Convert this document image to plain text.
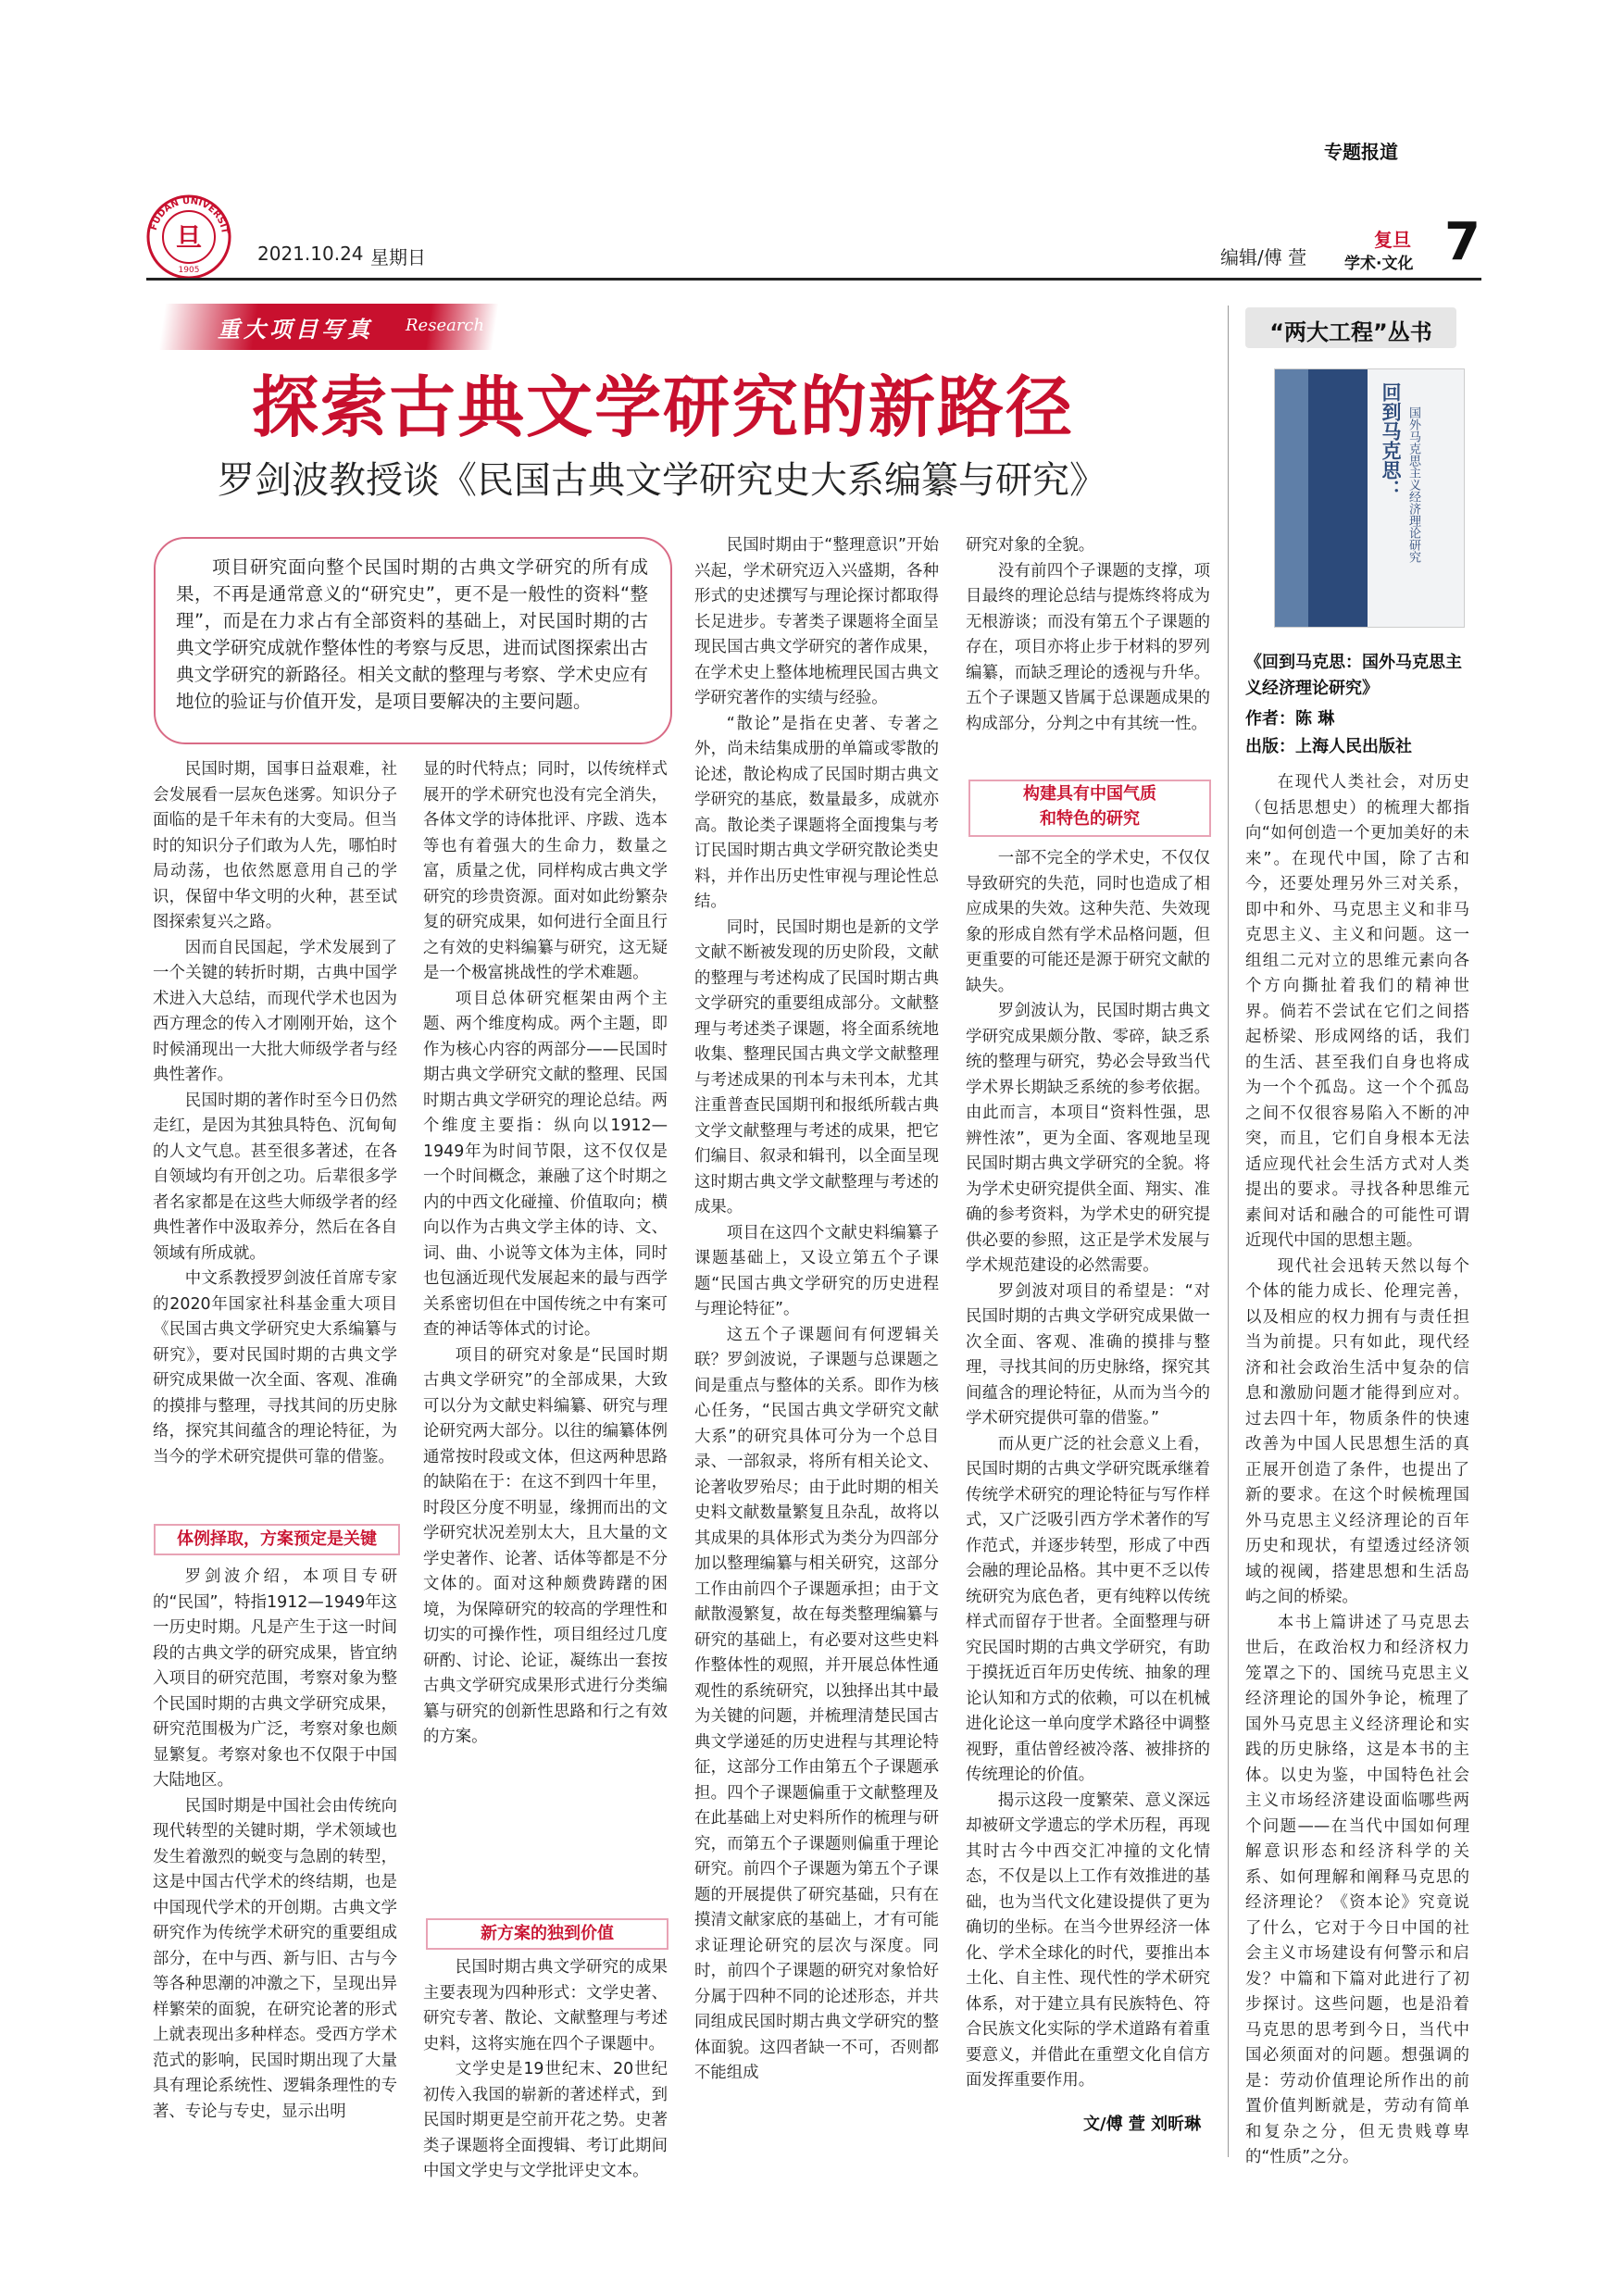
专题报道
FUDAN UNIVERSIT
旦
1905
2021.10.24 星期日	编辑/傅 萱
复旦
学术·文化 7
重大项目写真 Research
探索古典文学研究的新路径
罗剑波教授谈《民国古典文学研究史大系编纂与研究》
项目研究面向整个民国时期的古典文学研究的所有成果，不再是通常意义的“研究史”，更不是一般性的资料“整理”，而是在力求占有全部资料的基础上，对民国时期的古典文学研究成就作整体性的考察与反思，进而试图探索出古典文学研究的新路径。相关文献的整理与考察、学术史应有地位的验证与价值开发，是项目要解决的主要问题。

民国时期，国事日益艰难，社会发展看一层灰色迷雾。知识分子面临的是千年未有的大变局。但当时的知识分子们敢为人先，哪怕时局动荡，也依然愿意用自己的学识，保留中华文明的火种，甚至试图探索复兴之路。

因而自民国起，学术发展到了一个关键的转折时期，古典中国学术进入大总结，而现代学术也因为西方理念的传入才刚刚开始，这个时候涌现出一大批大师级学者与经典性著作。

民国时期的著作时至今日仍然走红，是因为其独具特色、沉甸甸的人文气息。甚至很多著述，在各自领域均有开创之功。后辈很多学者名家都是在这些大师级学者的经典性著作中汲取养分，然后在各自领域有所成就。

中文系教授罗剑波任首席专家的2020年国家社科基金重大项目《民国古典文学研究史大系编纂与研究》，要对民国时期的古典文学研究成果做一次全面、客观、准确的摸排与整理，寻找其间的历史脉络，探究其间蕴含的理论特征，为当今的学术研究提供可靠的借鉴。

体例择取，方案预定是关键

罗剑波介绍，本项目专研的“民国”，特指1912—1949年这一历史时期。凡是产生于这一时间段的古典文学的研究成果，皆宜纳入项目的研究范围，考察对象为整个民国时期的古典文学研究成果，研究范围极为广泛，考察对象也颇显繁复。考察对象也不仅限于中国大陆地区。

民国时期是中国社会由传统向现代转型的关键时期，学术领域也发生着激烈的蜕变与急剧的转型，这是中国古代学术的终结期，也是中国现代学术的开创期。古典文学研究作为传统学术研究的重要组成部分，在中与西、新与旧、古与今等各种思潮的冲激之下，呈现出异样繁荣的面貌，在研究论著的形式上就表现出多种样态。受西方学术范式的影响，民国时期出现了大量具有理论系统性、逻辑条理性的专著、专论与专史，显示出明

显的时代特点；同时，以传统样式展开的学术研究也没有完全消失，各体文学的诗体批评、序跋、选本等也有着强大的生命力，数量之富，质量之优，同样构成古典文学研究的珍贵资源。面对如此纷繁杂复的研究成果，如何进行全面且行之有效的史料编纂与研究，这无疑是一个极富挑战性的学术难题。

项目总体研究框架由两个主题、两个维度构成。两个主题，即作为核心内容的两部分——民国时期古典文学研究文献的整理、民国时期古典文学研究的理论总结。两个维度主要指：纵向以1912—1949年为时间节限，这不仅仅是一个时间概念，兼融了这个时期之内的中西文化碰撞、价值取向；横向以作为古典文学主体的诗、文、词、曲、小说等文体为主体，同时也包涵近现代发展起来的最与西学关系密切但在中国传统之中有案可查的神话等体式的讨论。

项目的研究对象是“民国时期古典文学研究”的全部成果，大致可以分为文献史料编纂、研究与理论研究两大部分。以往的编纂体例通常按时段或文体，但这两种思路的缺陷在于：在这不到四十年里，时段区分度不明显，缘拥而出的文学研究状况差别太大，且大量的文学史著作、论著、话体等都是不分文体的。面对这种颇费踌躇的困境，为保障研究的较高的学理性和切实的可操作性，项目组经过几度研酌、讨论、论证，凝练出一套按古典文学研究成果形式进行分类编纂与研究的创新性思路和行之有效的方案。

新方案的独到价值

民国时期古典文学研究的成果主要表现为四种形式：文学史著、研究专著、散论、文献整理与考述史料，这将实施在四个子课题中。

文学史是19世纪末、20世纪初传入我国的崭新的著述样式，到民国时期更是空前开花之势。史著类子课题将全面搜辑、考订此期间中国文学史与文学批评史文本。

民国时期由于“整理意识”开始兴起，学术研究迈入兴盛期，各种形式的史述撰写与理论探讨都取得长足进步。专著类子课题将全面呈现民国古典文学研究的著作成果，在学术史上整体地梳理民国古典文学研究著作的实绩与经验。

“散论”是指在史著、专著之外，尚未结集成册的单篇或零散的论述，散论构成了民国时期古典文学研究的基底，数量最多，成就亦高。散论类子课题将全面搜集与考订民国时期古典文学研究散论类史料，并作出历史性审视与理论性总结。

同时，民国时期也是新的文学文献不断被发现的历史阶段，文献的整理与考述构成了民国时期古典文学研究的重要组成部分。文献整理与考述类子课题，将全面系统地收集、整理民国古典文学文献整理与考述成果的刊本与未刊本，尤其注重普查民国期刊和报纸所载古典文学文献整理与考述的成果，把它们编目、叙录和辑刊，以全面呈现这时期古典文学文献整理与考述的成果。

项目在这四个文献史料编纂子课题基础上，又设立第五个子课题“民国古典文学研究的历史进程与理论特征”。

这五个子课题间有何逻辑关联？罗剑波说，子课题与总课题之间是重点与整体的关系。即作为核心任务，“民国古典文学研究文献大系”的研究具体可分为一个总目录、一部叙录，将所有相关论文、论著收罗殆尽；由于此时期的相关史料文献数量繁复且杂乱，故将以其成果的具体形式为类分为四部分加以整理编纂与相关研究，这部分工作由前四个子课题承担；由于文献散漫繁复，故在每类整理编纂与研究的基础上，有必要对这些史料作整体性的观照，并开展总体性通观性的系统研究，以独择出其中最为关键的问题，并梳理清楚民国古典文学递延的历史进程与其理论特征，这部分工作由第五个子课题承担。四个子课题偏重于文献整理及在此基础上对史料所作的梳理与研究，而第五个子课题则偏重于理论研究。前四个子课题为第五个子课题的开展提供了研究基础，只有在摸清文献家底的基础上，才有可能求证理论研究的层次与深度。同时，前四个子课题的研究对象恰好分属于四种不同的论述形态，并共同组成民国时期古典文学研究的整体面貌。这四者缺一不可，否则都不能组成

研究对象的全貌。

没有前四个子课题的支撑，项目最终的理论总结与提炼终将成为无根游谈；而没有第五个子课题的存在，项目亦将止步于材料的罗列编纂，而缺乏理论的透视与升华。五个子课题又皆属于总课题成果的构成部分，分判之中有其统一性。

构建具有中国气质
和特色的研究

一部不完全的学术史，不仅仅导致研究的失范，同时也造成了相应成果的失效。这种失范、失效现象的形成自然有学术品格问题，但更重要的可能还是源于研究文献的缺失。

罗剑波认为，民国时期古典文学研究成果颇分散、零碎，缺乏系统的整理与研究，势必会导致当代学术界长期缺乏系统的参考依据。由此而言，本项目“资料性强，思辨性浓”，更为全面、客观地呈现民国时期古典文学研究的全貌。将为学术史研究提供全面、翔实、准确的参考资料，为学术史的研究提供必要的参照，这正是学术发展与学术规范建设的必然需要。

罗剑波对项目的希望是：“对民国时期的古典文学研究成果做一次全面、客观、准确的摸排与整理，寻找其间的历史脉络，探究其间蕴含的理论特征，从而为当今的学术研究提供可靠的借鉴。”

而从更广泛的社会意义上看，民国时期的古典文学研究既承继着传统学术研究的理论特征与写作样式，又广泛吸引西方学术著作的写作范式，并逐步转型，形成了中西会融的理论品格。其中更不乏以传统研究为底色者，更有纯粹以传统样式而留存于世者。全面整理与研究民国时期的古典文学研究，有助于摸抚近百年历史传统、抽象的理论认知和方式的依赖，可以在机械进化论这一单向度学术路径中调整视野，重估曾经被冷落、被排挤的传统理论的价值。

揭示这段一度繁荣、意义深远却被研文学遗忘的学术历程，再现其时古今中西交汇冲撞的文化情态，不仅是以上工作有效推进的基础，也为当代文化建设提供了更为确切的坐标。在当今世界经济一体化、学术全球化的时代，要推出本土化、自主性、现代性的学术研究体系，对于建立具有民族特色、符合民族文化实际的学术道路有着重要意义，并借此在重塑文化自信方面发挥重要作用。

文/傅 萱 刘昕琳
“两大工程”丛书
回到马克思： 国外马克思主义经济理论研究
《回到马克思：国外马克思主义经济理论研究》
作者：陈 琳
出版：上海人民出版社

在现代人类社会，对历史（包括思想史）的梳理大都指向“如何创造一个更加美好的未来”。在现代中国，除了古和今，还要处理另外三对关系，即中和外、马克思主义和非马克思主义、主义和问题。这一组组二元对立的思维元素向各个方向撕扯着我们的精神世界。倘若不尝试在它们之间搭起桥梁、形成网络的话，我们的生活、甚至我们自身也将成为一个个孤岛。这一个个孤岛之间不仅很容易陷入不断的冲突，而且，它们自身根本无法适应现代社会生活方式对人类提出的要求。寻找各种思维元素间对话和融合的可能性可谓近现代中国的思想主题。

现代社会迅转天然以每个个体的能力成长、伦理完善，以及相应的权力拥有与责任担当为前提。只有如此，现代经济和社会政治生活中复杂的信息和激励问题才能得到应对。过去四十年，物质条件的快速改善为中国人民思想生活的真正展开创造了条件，也提出了新的要求。在这个时候梳理国外马克思主义经济理论的百年历史和现状，有望透过经济领域的视阈，搭建思想和生活岛屿之间的桥梁。

本书上篇讲述了马克思去世后，在政治权力和经济权力笼罩之下的、国统马克思主义经济理论的国外争论，梳理了国外马克思主义经济理论和实践的历史脉络，这是本书的主体。以史为鉴，中国特色社会主义市场经济建设面临哪些两个问题——在当代中国如何理解意识形态和经济科学的关系、如何理解和阐释马克思的经济理论？《资本论》究竟说了什么，它对于今日中国的社会主义市场建设有何警示和启发？中篇和下篇对此进行了初步探讨。这些问题，也是沿着马克思的思考到今日，当代中国必须面对的问题。想强调的是：劳动价值理论所作出的前置价值判断就是，劳动有简单和复杂之分，但无贵贱尊卑的“性质”之分。
